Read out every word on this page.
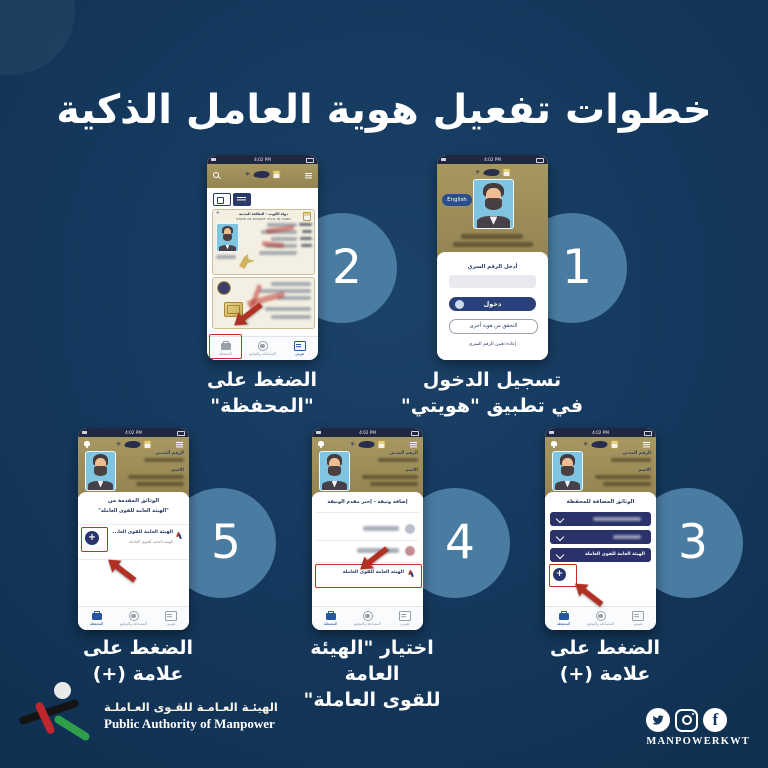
خطوات تفعيل هوية العامل الذكية
1
4:02 PM
✳
English
أدخل الرقم السري
دخول
التحقق من هوية أخرى
إعادة تعيين الرقم السري
تسجيل الدخول
في تطبيق "هويتي"
2
4:02 PM
✳
✳	دولة الكويت - البطاقة المدنية
STATE OF KUWAIT CIVIL ID CARD
المحفظة	المصادقة والتوقيع	هويتي
الضغط على
"المحفظة"
3
4:02 PM
✳
الرقم المدني
الاسم
الوثائق المضافة للمحفظة
الهيئة العامة للقوى العاملة
+
المحفظة	المصادقة والتوقيع	هويتي
الضغط على
علامة (+)
4
4:02 PM
✳
الرقم المدني
الاسم
إضافة وثيقة - إختر مقدم الوثيقة
الهيئة العامة للقوى العاملة
المحفظة	المصادقة والتوقيع	هويتي
اختيار "الهيئة العامة
للقوى العاملة"
5
4:02 PM
✳
الرقم المدني
الاسم
الوثائق المقدمة من
"الهيئة العامة للقوى العاملة"
الهيئة العامة للقوى العا...
الهيئة العامة للقوى العاملة
+
المحفظة	المصادقة والتوقيع	هويتي
الضغط على
علامة (+)
الهيئـة العـامـة للقـوى العـاملـة
Public Authority of Manpower	f
MANPOWERKWT
